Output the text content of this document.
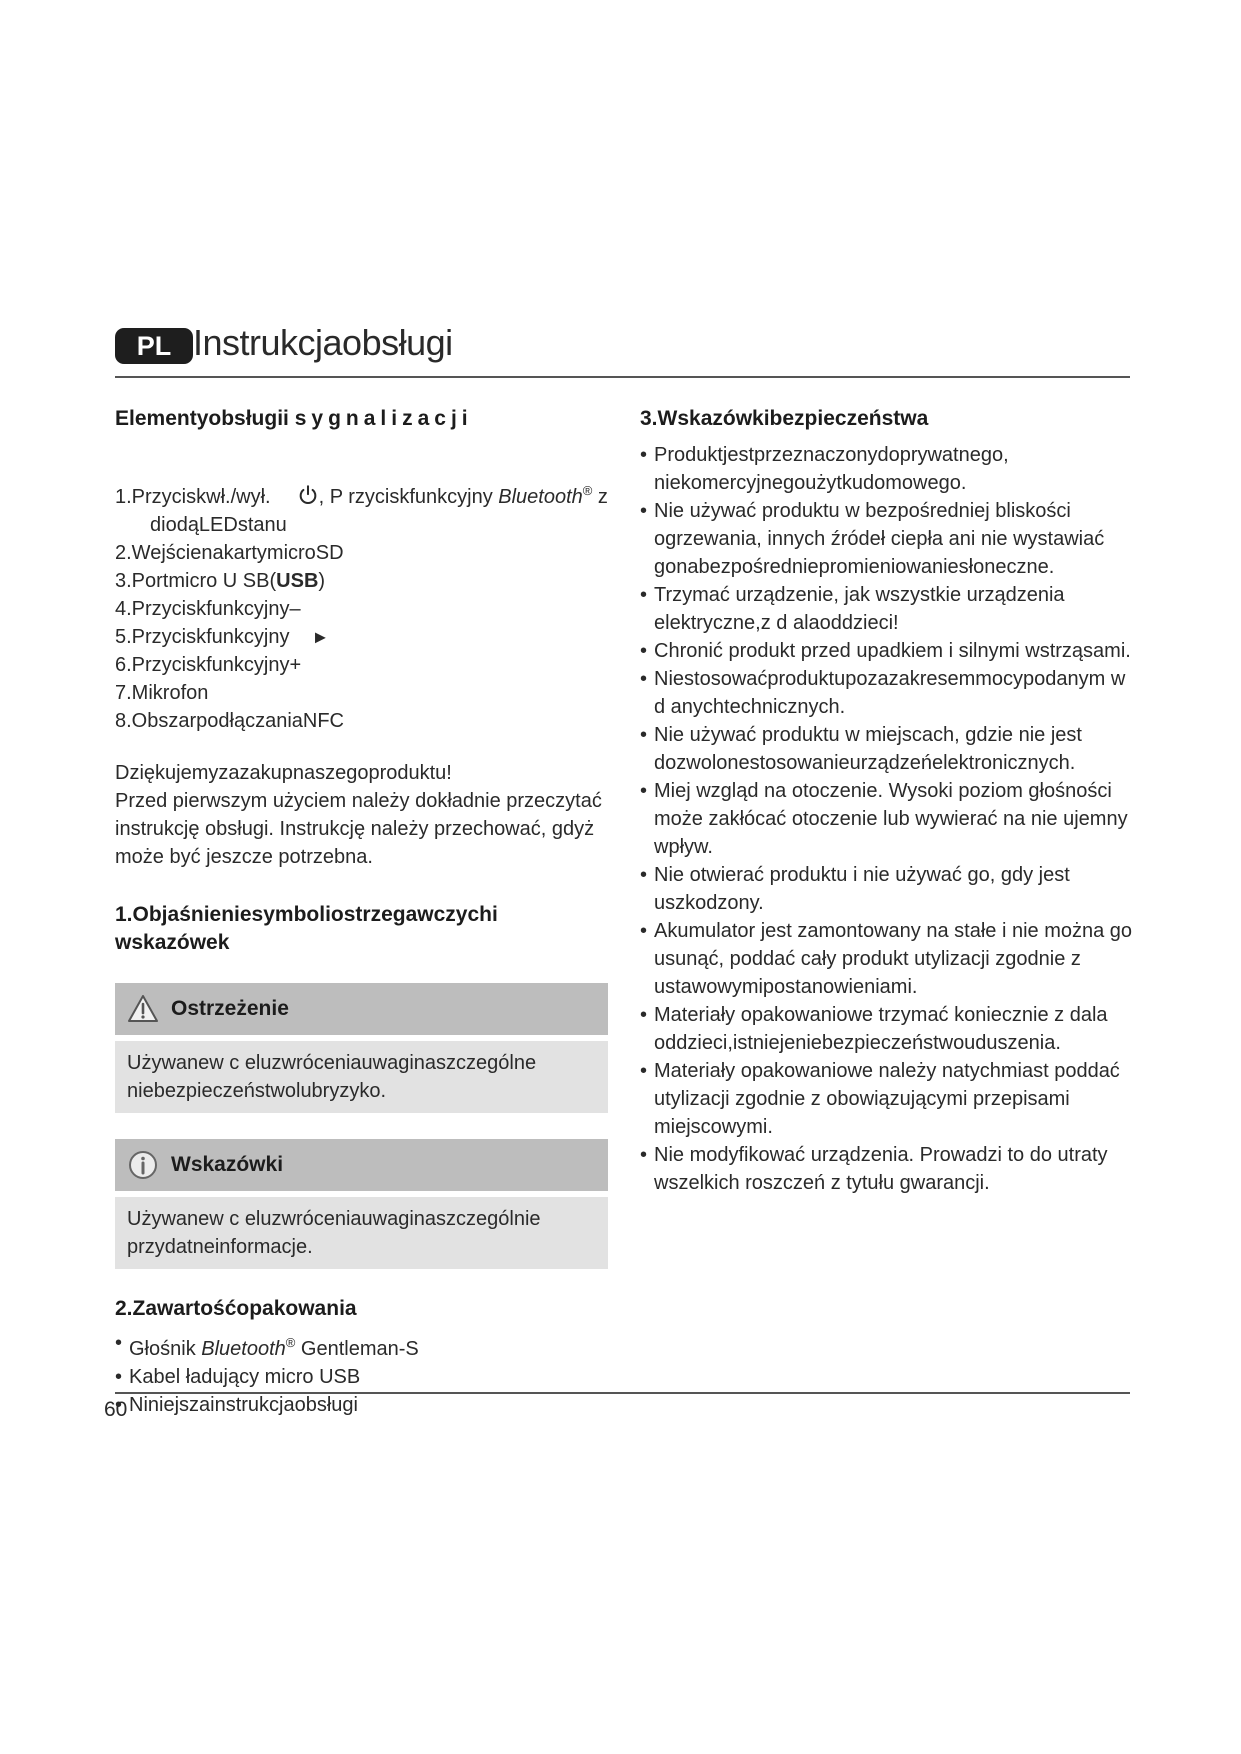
PL Instrukcjaobsługi
Elementyobsługii sygnalizacji
1.Przyciskwł./wył. , P rzyciskfunkcyjny Bluetooth® z
diodąLEDstanu
2.WejścienakartymicroSD
3.Portmicro U SB(USB)
4.Przyciskfunkcyjny–
5.Przyciskfunkcyjny ►
6.Przyciskfunkcyjny+
7.Mikrofon
8.ObszarpodłączaniaNFC

Dziękujemyzazakupnaszegoproduktu!

Przed pierwszym użyciem należy dokładnie przeczytać instrukcję obsługi. Instrukcję należy przechować, gdyż może być jeszcze potrzebna.

1.Objaśnieniesymboliostrzegawczychi wskazówek
Ostrzeżenie
Używanew c eluzwróceniauwaginaszczególne niebezpieczeństwolubryzyko.
Wskazówki
Używanew c eluzwróceniauwaginaszczególnie przydatneinformacje.
2.Zawartośćopakowania
• Głośnik Bluetooth® Gentleman-S
• Kabel ładujący micro USB
• Niniejszainstrukcjaobsługi
3.Wskazówkibezpieczeństwa
• Produktjestprzeznaczonydoprywatnego, niekomercyjnegoużytkudomowego.
• Nie używać produktu w bezpośredniej bliskości ogrzewania, innych źródeł ciepła ani nie wystawiać gonabezpośredniepromieniowaniesłoneczne.
• Trzymać urządzenie, jak wszystkie urządzenia elektryczne,z d alaoddzieci!
• Chronić produkt przed upadkiem i silnymi wstrząsami.
• Niestosowaćproduktupozazakresemmocypodanym w d anychtechnicznych.
• Nie używać produktu w miejscach, gdzie nie jest dozwolonestosowanieurządzeńelektronicznych.
• Miej wzgląd na otoczenie. Wysoki poziom głośności może zakłócać otoczenie lub wywierać na nie ujemny wpływ.
• Nie otwierać produktu i nie używać go, gdy jest uszkodzony.
• Akumulator jest zamontowany na stałe i nie można go usunąć, poddać cały produkt utylizacji zgodnie z ustawowymipostanowieniami.
• Materiały opakowaniowe trzymać koniecznie z dala oddzieci,istniejeniebezpieczeństwouduszenia.
• Materiały opakowaniowe należy natychmiast poddać utylizacji zgodnie z obowiązującymi przepisami miejscowymi.
• Nie modyfikować urządzenia. Prowadzi to do utraty wszelkich roszczeń z tytułu gwarancji.
60
